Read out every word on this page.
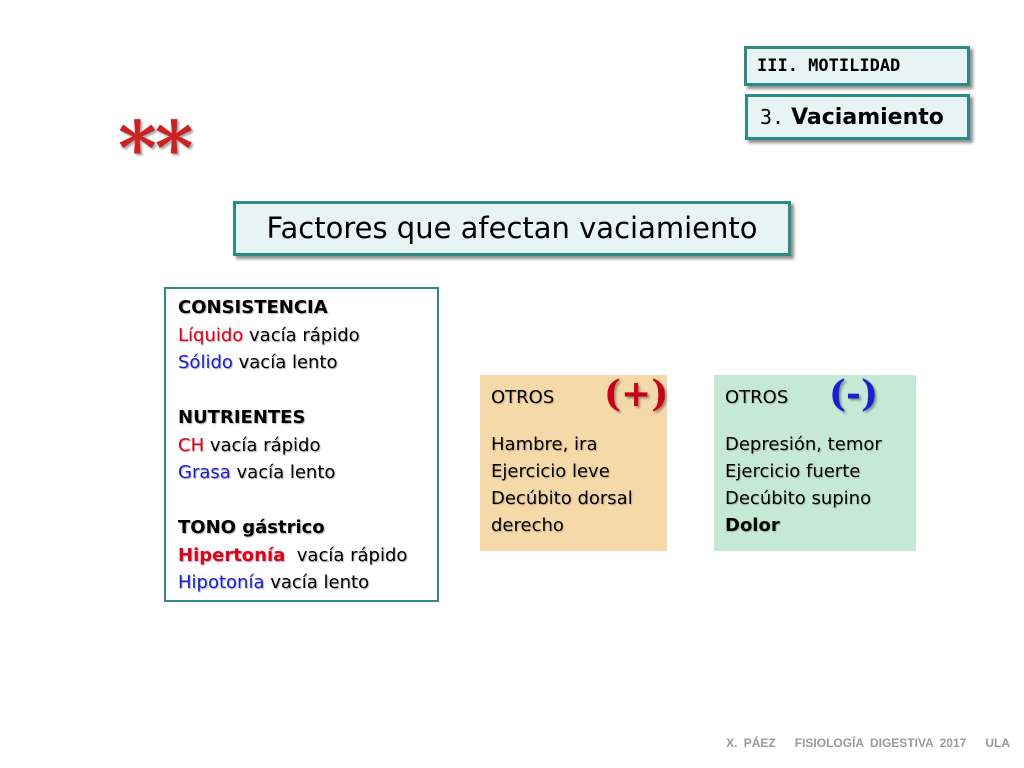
III. MOTILIDAD
3. Vaciamiento
**
Factores que afectan vaciamiento
CONSISTENCIA
Líquido vacía rápido
Sólido vacía lento
NUTRIENTES
CH vacía rápido
Grasa vacía lento
TONO gástrico
Hipertonía  vacía rápido
Hipotonía vacía lento
OTROS (+)
Hambre, ira
Ejercicio leve
Decúbito dorsal
derecho
OTROS (-)
Depresión, temor
Ejercicio fuerte
Decúbito supino
Dolor
X. PÁEZ   FISIOLOGÍA DIGESTIVA 2017   ULA
